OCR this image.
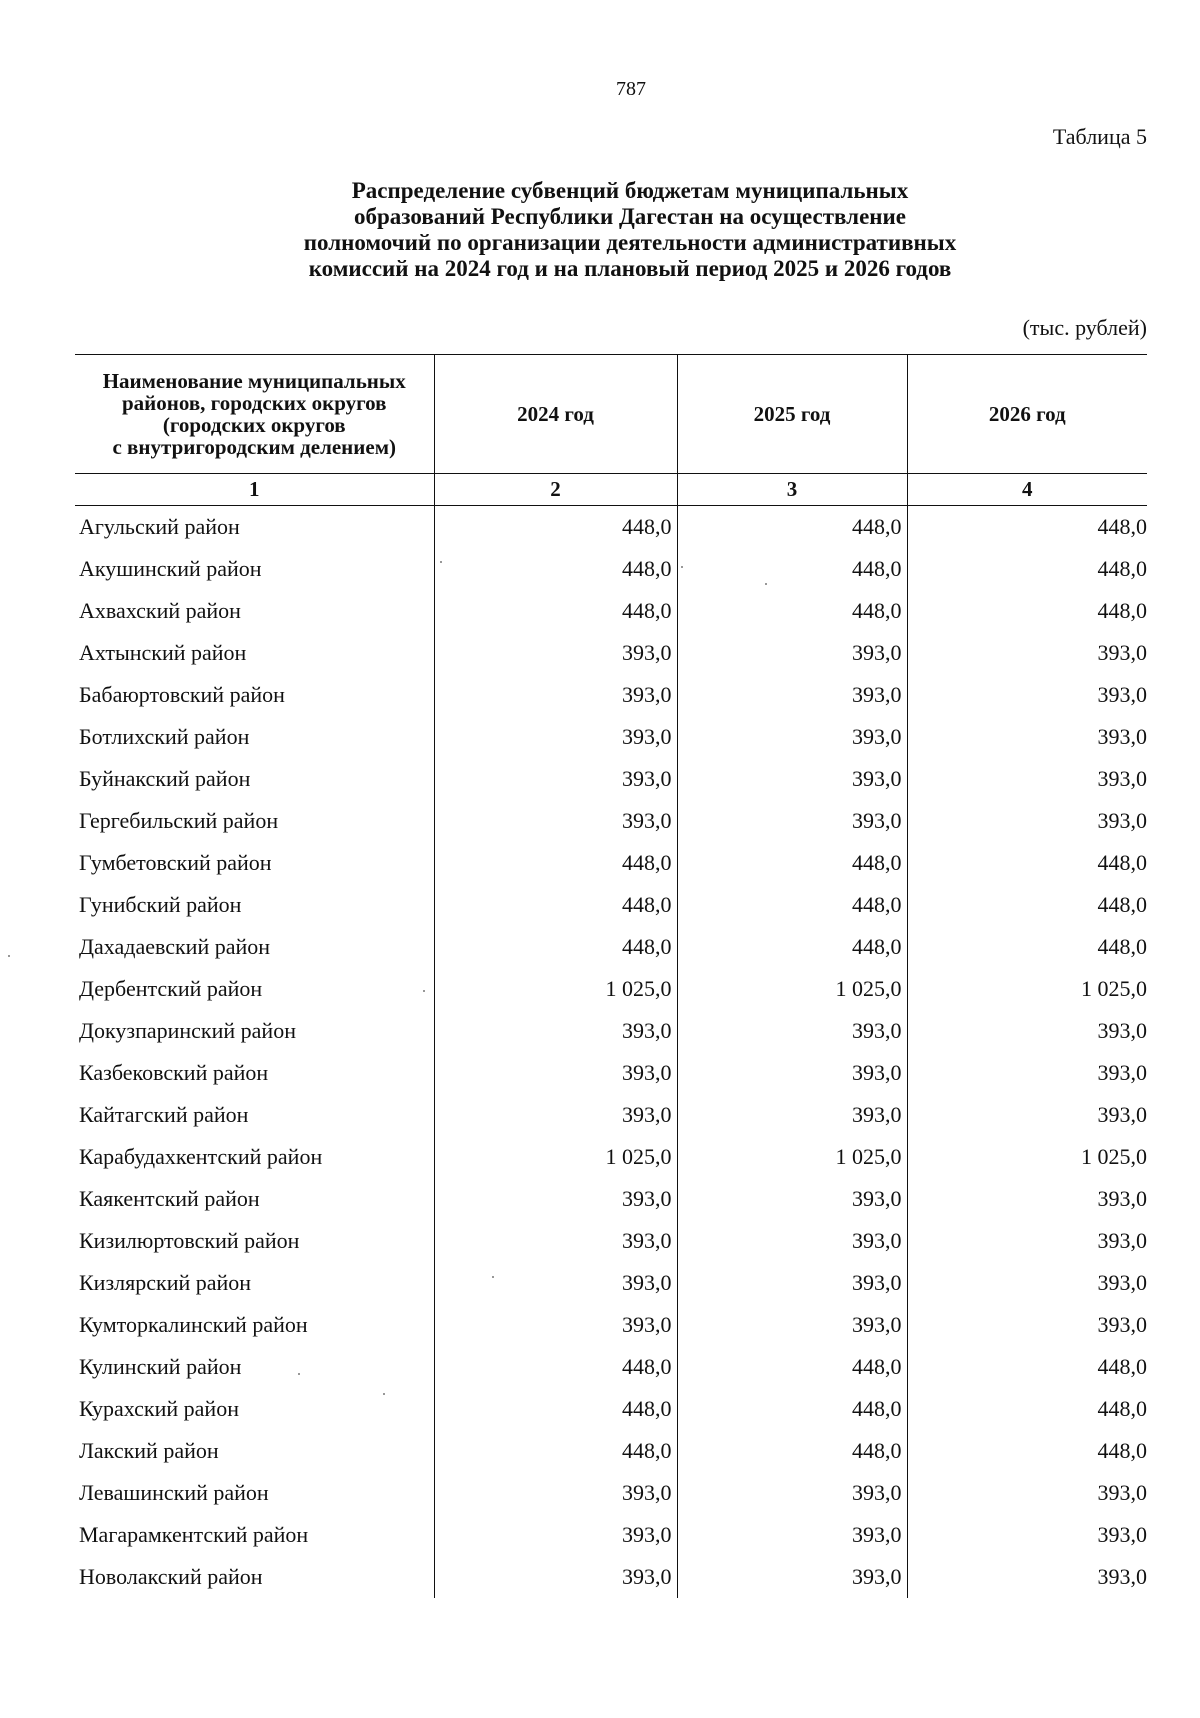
787
Таблица 5
Распределение субвенций бюджетам муниципальных
образований Республики Дагестан на осуществление
полномочий по организации деятельности административных
комиссий на 2024 год и на плановый период 2025 и 2026 годов
(тыс. рублей)
Наименование муниципальных
районов, городских округов
(городских округов
с внутригородским делением)	2024 год	2025 год	2026 год
1	2	3	4
Агульский район	448,0	448,0	448,0
Акушинский район	448,0	448,0	448,0
Ахвахский район	448,0	448,0	448,0
Ахтынский район	393,0	393,0	393,0
Бабаюртовский район	393,0	393,0	393,0
Ботлихский район	393,0	393,0	393,0
Буйнакский район	393,0	393,0	393,0
Гергебильский район	393,0	393,0	393,0
Гумбетовский район	448,0	448,0	448,0
Гунибский район	448,0	448,0	448,0
Дахадаевский район	448,0	448,0	448,0
Дербентский район	1 025,0	1 025,0	1 025,0
Докузпаринский район	393,0	393,0	393,0
Казбековский район	393,0	393,0	393,0
Кайтагский район	393,0	393,0	393,0
Карабудахкентский район	1 025,0	1 025,0	1 025,0
Каякентский район	393,0	393,0	393,0
Кизилюртовский район	393,0	393,0	393,0
Кизлярский район	393,0	393,0	393,0
Кумторкалинский район	393,0	393,0	393,0
Кулинский район	448,0	448,0	448,0
Курахский район	448,0	448,0	448,0
Лакский район	448,0	448,0	448,0
Левашинский район	393,0	393,0	393,0
Магарамкентский район	393,0	393,0	393,0
Новолакский район	393,0	393,0	393,0
